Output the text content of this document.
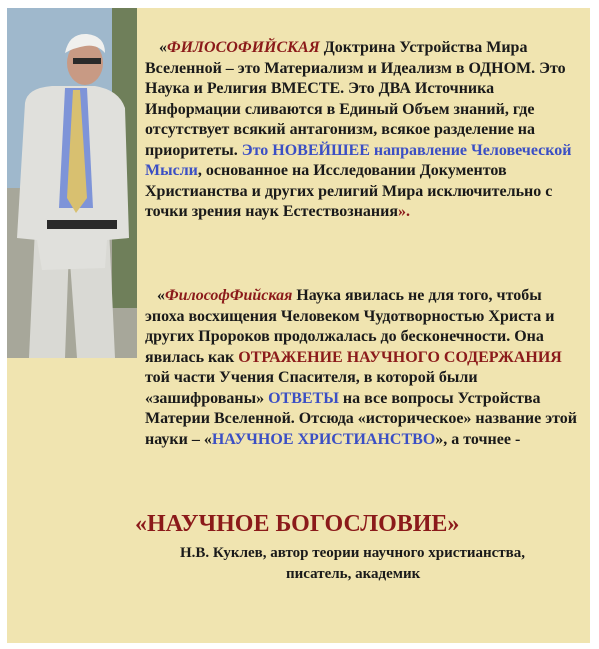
«ФИЛОСОФИЙСКАЯ Доктрина Устройства Мира Вселенной – это Материализм и Идеализм в ОДНОМ. Это Наука и Религия ВМЕСТЕ. Это ДВА Источника Информации сливаются в Единый Объем знаний, где отсутствует всякий антагонизм, всякое разделение на приоритеты. Это НОВЕЙШЕЕ направление Человеческой Мысли, основанное на Исследовании Документов Христианства и других религий Мира исключительно с точки зрения наук Естествознания».
«ФилософФийская Наука явилась не для того, чтобы эпоха восхищения Человеком Чудотворностью Христа и других Пророков продолжалась до бесконечности. Она явилась как ОТРАЖЕНИЕ НАУЧНОГО СОДЕРЖАНИЯ той части Учения Спасителя, в которой были «зашифрованы» ОТВЕТЫ на все вопросы Устройства Материи Вселенной. Отсюда «историческое» название этой науки – «НАУЧНОЕ ХРИСТИАНСТВО», а точнее -
«НАУЧНОЕ БОГОСЛОВИЕ»
Н.В. Куклев, автор теории научного христианства,
писатель, академик
